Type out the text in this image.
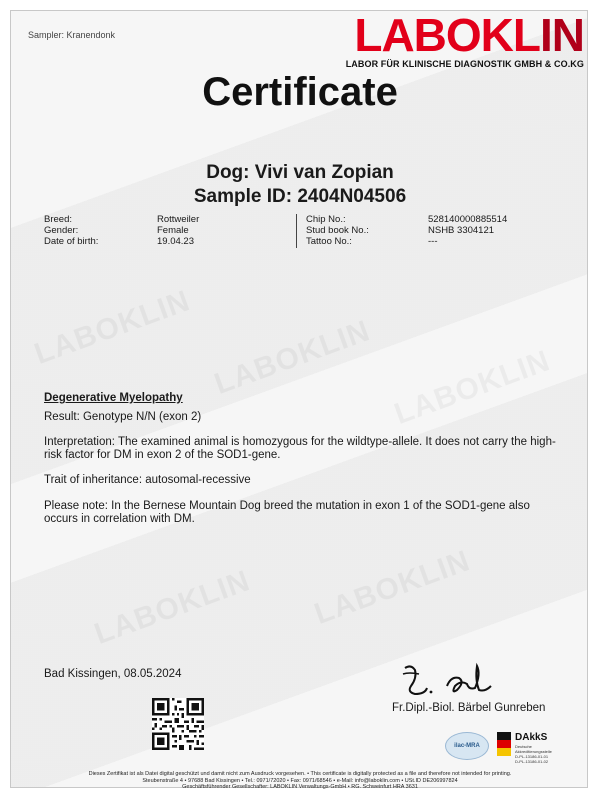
Sampler: Kranendonk	LABOKLIN
LABOR FÜR KLINISCHE DIAGNOSTIK GMBH & CO.KG
Certificate
Dog: Vivi van Zopian
Sample ID: 2404N04506
Breed:
Gender:
Date of birth:
Rottweiler
Female
19.04.23
Chip No.:
Stud book No.:
Tattoo No.:
528140000885514
NSHB 3304121
---
Degenerative Myelopathy
Result: Genotype N/N (exon 2)
Interpretation: The examined animal is homozygous for the wildtype-allele. It does not carry the high-
risk factor for DM in exon 2 of the SOD1-gene.
Trait of inheritance: autosomal-recessive
Please note: In the Bernese Mountain Dog breed the mutation in exon 1 of the SOD1-gene also
occurs in correlation with DM.
Bad Kissingen, 08.05.2024
Fr.Dipl.-Biol. Bärbel Gunreben
ilac-MRA
DAkkS
Deutsche
Akkreditierungsstelle
D-PL-13186-01-01
D-PL-13186-01-02
Dieses Zertifikat ist als Datei digital geschützt und damit nicht zum Ausdruck vorgesehen. • This certificate is digitally protected as a file and therefore not intended for printing.
Steubenstraße 4 • 97688 Bad Kissingen • Tel.: 0971/72020 • Fax: 0971/68546 • e-Mail: info@laboklin.com • USt.ID DE206997824
Geschäftsführender Gesellschafter: LABOKLIN Verwaltungs-GmbH • RG. Schweinfurt HRA 3631
